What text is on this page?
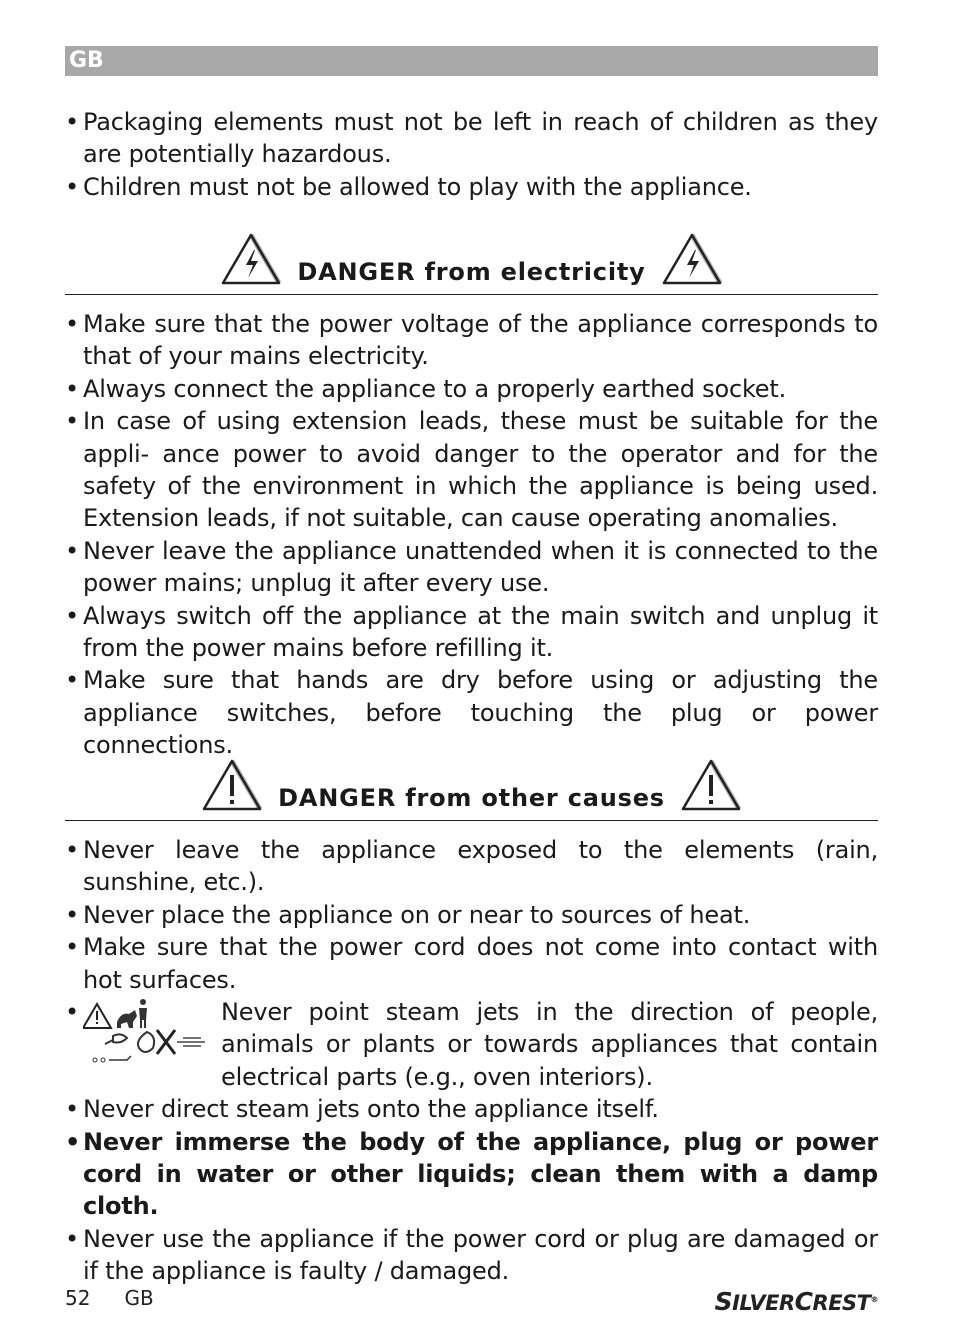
GB
• Packaging elements must not be left in reach of children as they are potentially hazardous.
• Children must not be allowed to play with the appliance.
DANGER from electricity
• Make sure that the power voltage of the appliance corresponds to that of your mains electricity.
• Always connect the appliance to a properly earthed socket.
• In case of using extension leads, these must be suitable for the appli- ance power to avoid danger to the operator and for the safety of the environment in which the appliance is being used. Extension leads, if not suitable, can cause operating anomalies.
• Never leave the appliance unattended when it is connected to the power mains; unplug it after every use.
• Always switch off the appliance at the main switch and unplug it from the power mains before refilling it.
• Make sure that hands are dry before using or adjusting the appliance switches, before touching the plug or power connections.
DANGER from other causes
• Never leave the appliance exposed to the elements (rain, sunshine, etc.).
• Never place the appliance on or near to sources of heat.
• Make sure that the power cord does not come into contact with hot surfaces.
• Never point steam jets in the direction of people, animals or plants or towards appliances that contain electrical parts (e.g., oven interiors).
• Never direct steam jets onto the appliance itself.
• Never immerse the body of the appliance, plug or power cord in water or other liquids; clean them with a damp cloth.
• Never use the appliance if the power cord or plug are damaged or if the appliance is faulty / damaged.
52 GB	SILVERCREST®
